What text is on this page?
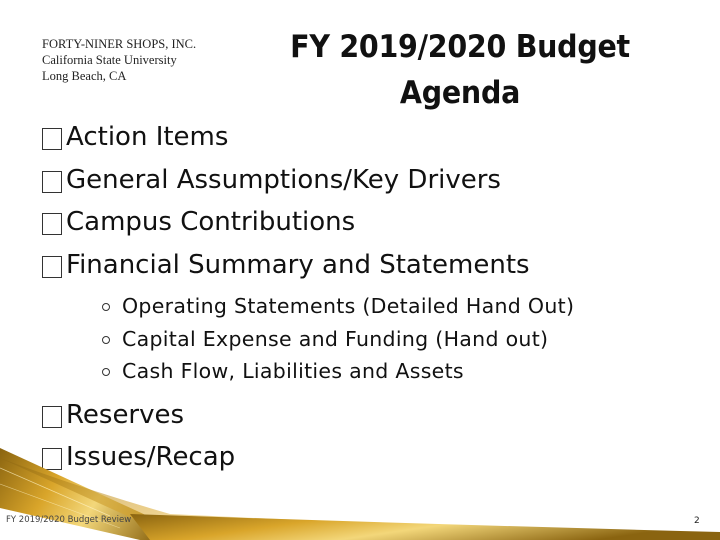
FORTY-NINER SHOPS, INC.
California State University
Long Beach, CA
FY 2019/2020 Budget
Agenda
Action Items
General Assumptions/Key Drivers
Campus Contributions
Financial Summary and Statements
Operating Statements (Detailed Hand Out)
Capital Expense and Funding (Hand out)
Cash Flow, Liabilities and Assets
Reserves
Issues/Recap
FY 2019/2020 Budget Review	2
